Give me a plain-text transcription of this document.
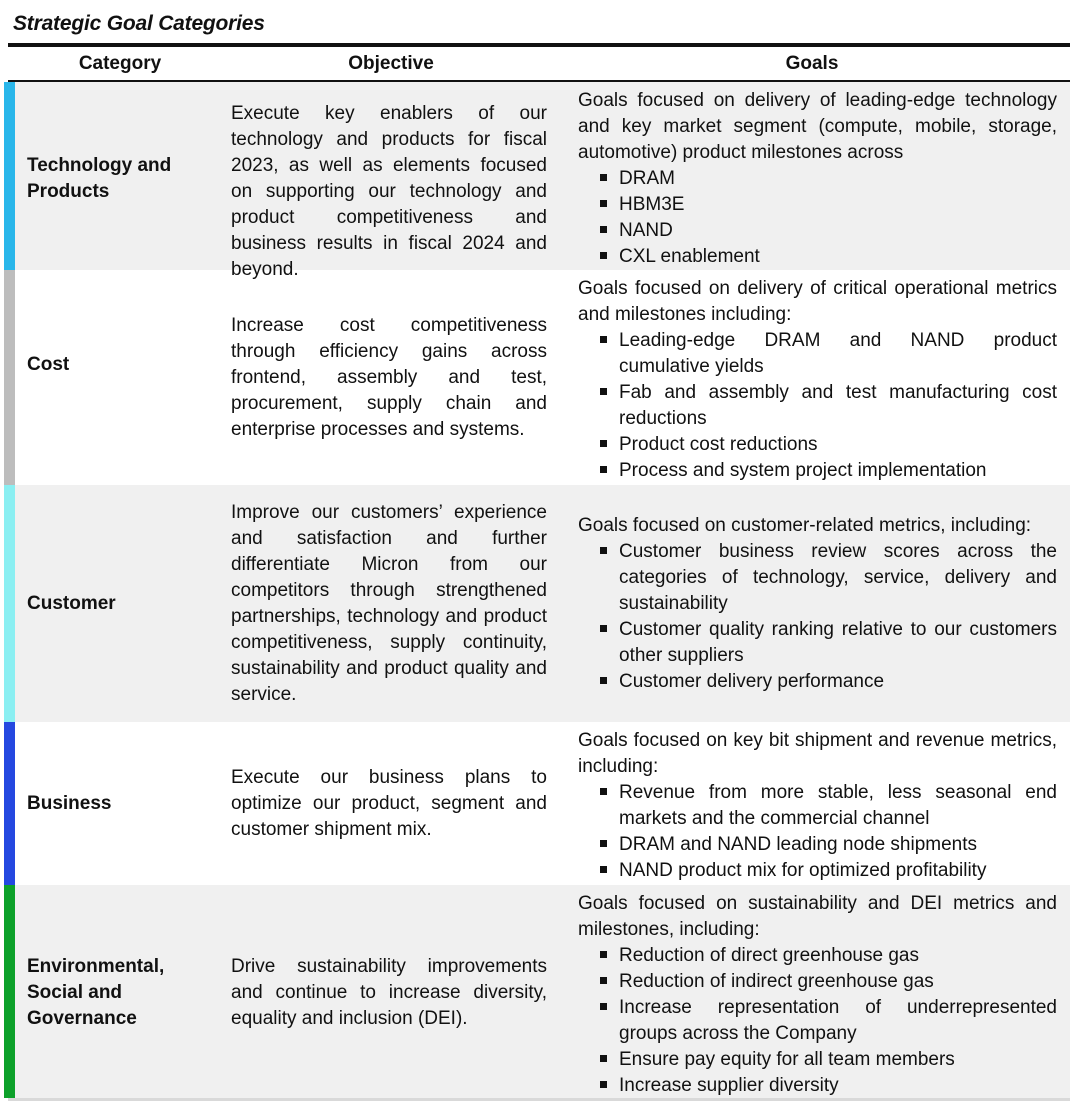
Strategic Goal Categories
Category	Objective	Goals
Technology and Products
Execute key enablers of our technology and products for fiscal 2023, as well as elements focused on supporting our technology and product competitiveness and business results in fiscal 2024 and beyond.
Goals focused on delivery of leading-edge technology and key market segment (compute, mobile, storage, automotive) product milestones across
DRAM
HBM3E
NAND
CXL enablement
Cost
Increase cost competitiveness through efficiency gains across frontend, assembly and test, procurement, supply chain and enterprise processes and systems.
Goals focused on delivery of critical operational metrics and milestones including:
Leading-edge DRAM and NAND product cumulative yields
Fab and assembly and test manufacturing cost reductions
Product cost reductions
Process and system project implementation
Customer
Improve our customers’ experience and satisfaction and further differentiate Micron from our competitors through strengthened partnerships, technology and product competitiveness, supply continuity, sustainability and product quality and service.
Goals focused on customer-related metrics, including:
Customer business review scores across the categories of technology, service, delivery and sustainability
Customer quality ranking relative to our customers other suppliers
Customer delivery performance
Business
Execute our business plans to optimize our product, segment and customer shipment mix.
Goals focused on key bit shipment and revenue metrics, including:
Revenue from more stable, less seasonal end markets and the commercial channel
DRAM and NAND leading node shipments
NAND product mix for optimized profitability
Environmental, Social and Governance
Drive sustainability improvements and continue to increase diversity, equality and inclusion (DEI).
Goals focused on sustainability and DEI metrics and milestones, including:
Reduction of direct greenhouse gas
Reduction of indirect greenhouse gas
Increase representation of underrepresented groups across the Company
Ensure pay equity for all team members
Increase supplier diversity
